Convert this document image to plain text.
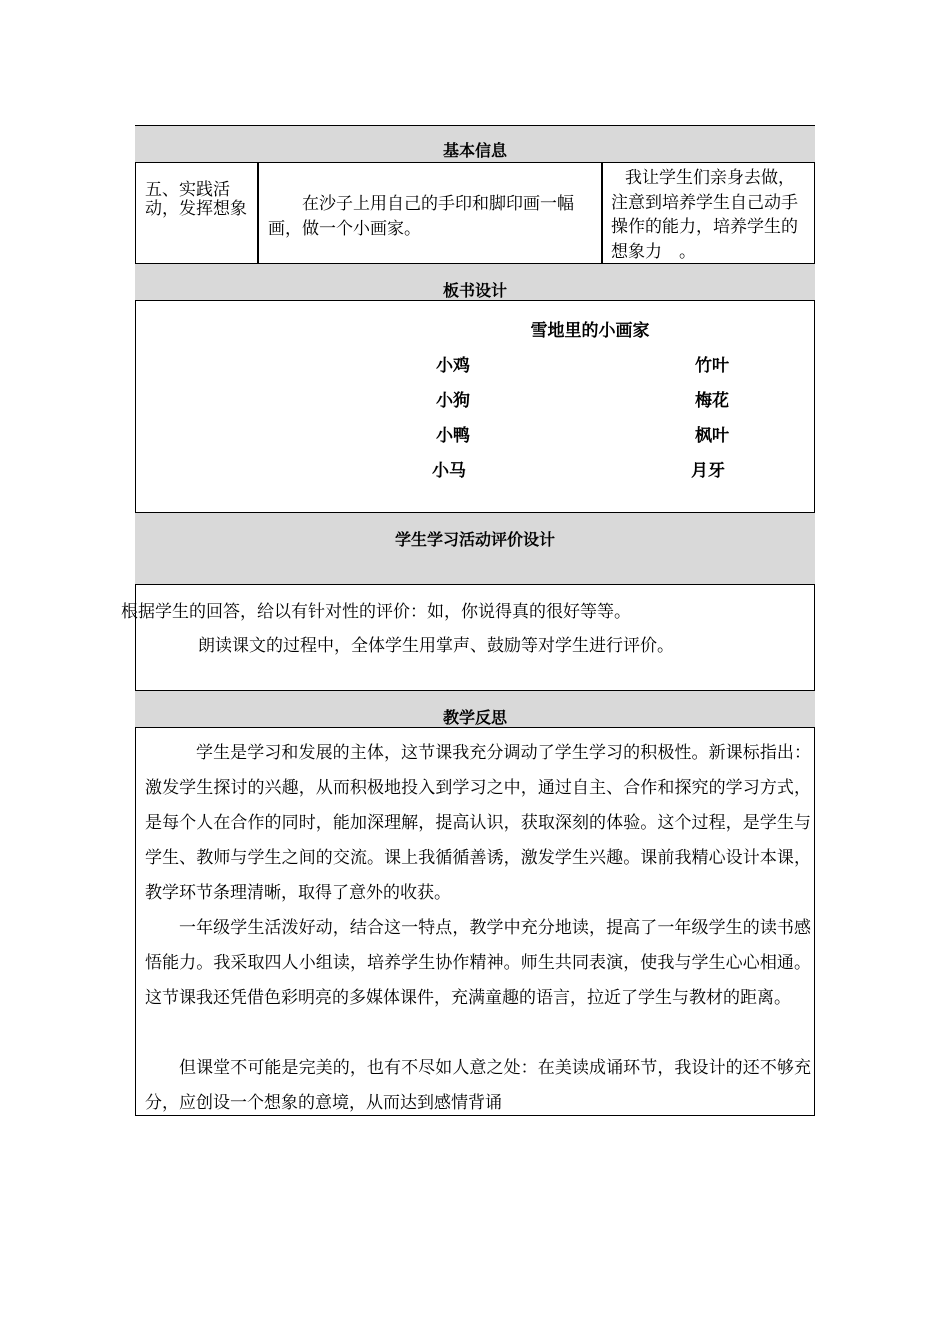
基本信息
五、实践活动，发挥想象	在沙子上用自己的手印和脚印画一幅画，做一个小画家。
我让学生们亲身去做，注意到培养学生自己动手操作的能力，培养学生的想象力　。
板书设计
雪地里的小画家
小鸡
小狗
小鸭
小马
竹叶
梅花
枫叶
月牙
学生学习活动评价设计
根据学生的回答，给以有针对性的评价：如，你说得真的很好等等。
朗读课文的过程中，全体学生用掌声、鼓励等对学生进行评价。
教学反思
学生是学习和发展的主体，这节课我充分调动了学生学习的积极性。新课标指出：激发学生探讨的兴趣，从而积极地投入到学习之中，通过自主、合作和探究的学习方式，是每个人在合作的同时，能加深理解，提高认识，获取深刻的体验。这个过程，是学生与学生、教师与学生之间的交流。课上我循循善诱，激发学生兴趣。课前我精心设计本课，教学环节条理清晰，取得了意外的收获。
一年级学生活泼好动，结合这一特点，教学中充分地读，提高了一年级学生的读书感悟能力。我采取四人小组读，培养学生协作精神。师生共同表演，使我与学生心心相通。这节课我还凭借色彩明亮的多媒体课件，充满童趣的语言，拉近了学生与教材的距离。
但课堂不可能是完美的，也有不尽如人意之处：在美读成诵环节，我设计的还不够充分，应创设一个想象的意境，从而达到感情背诵
